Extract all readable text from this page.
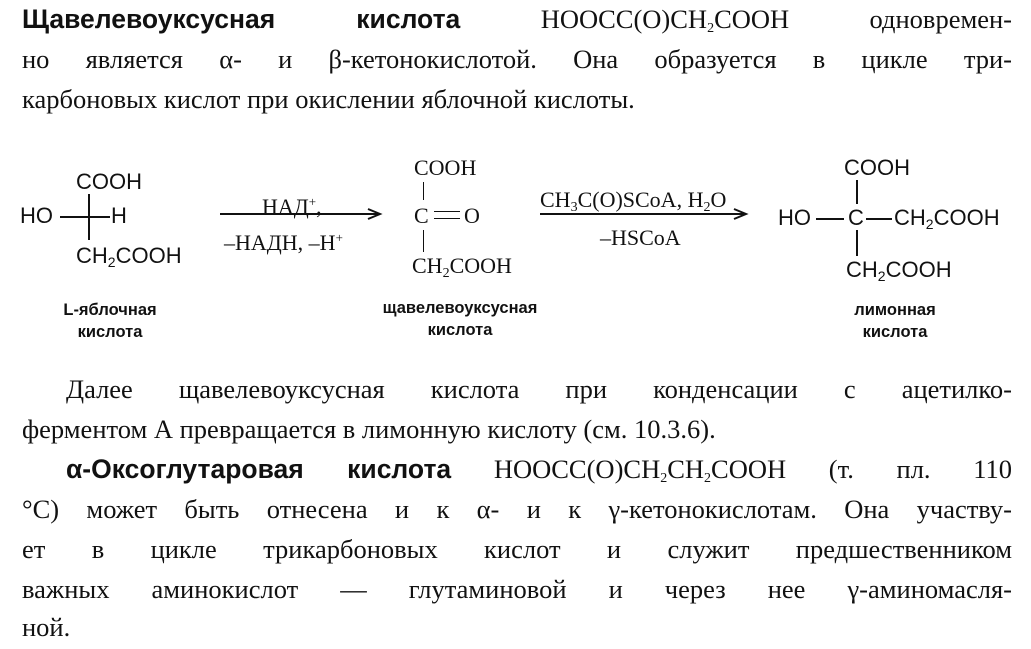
Щавелевоуксусная кислота $HOOCC(O)CH_2COOH$ одновремен-
но является α- и β-кетонокислотой. Она образуется в цикле три-
карбоновых кислот при окислении яблочной кислоты.
COOH
HO	H
$CH_2COOH$
L-яблочная
кислота
НАД+,
–НАДН, –Н+
COOH
C O
$CH_2COOH$
щавелевоуксусная
кислота
$CH_3C(O)SCoA$, $H_2O$
–HSCoA
COOH
HO C $CH_2COOH$
$CH_2COOH$
лимонная
кислота
Далее щавелевоуксусная кислота при конденсации с ацетилко-
ферментом А превращается в лимонную кислоту (см. 10.3.6).
α-Оксоглутаровая кислота $HOOCC(O)CH_2CH_2COOH$ (т. пл. 110
°C) может быть отнесена и к α- и к γ-кетонокислотам. Она участву-
ет в цикле трикарбоновых кислот и служит предшественником
важных аминокислот — глутаминовой и через нее γ-аминомасля-
ной.
